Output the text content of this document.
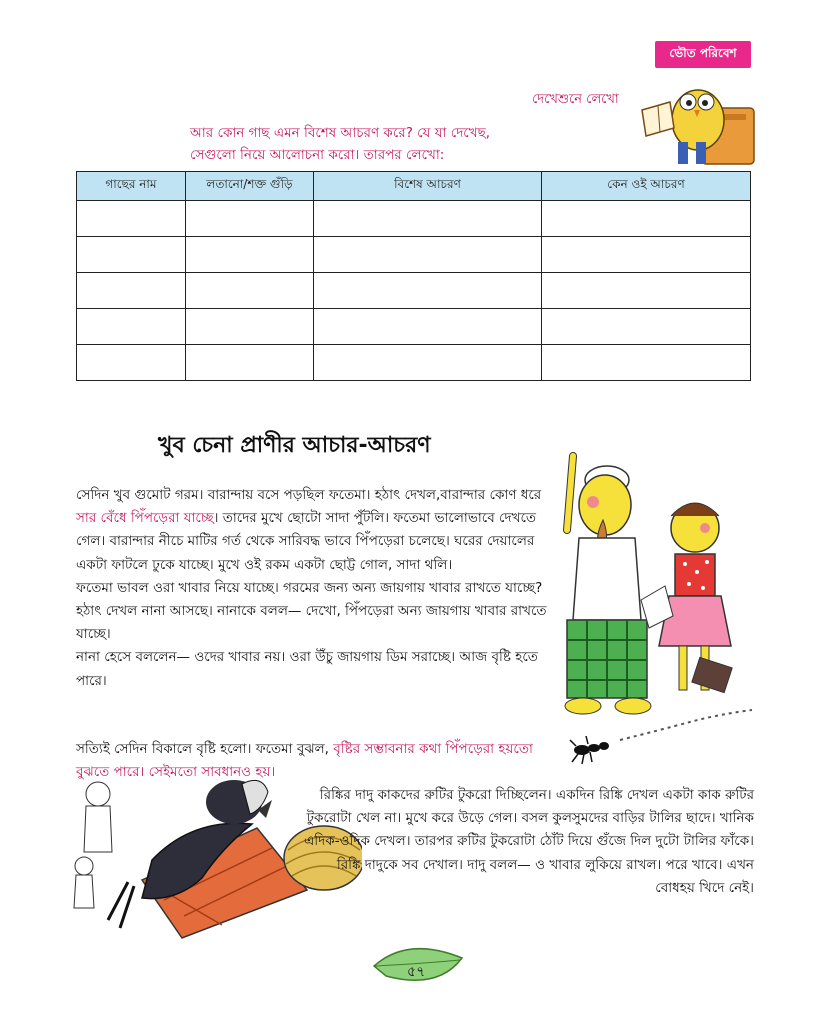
ভৌত পরিবেশ
দেখেশুনে লেখো
আর কোন গাছ এমন বিশেষ আচরণ করে? যে যা দেখেছ,
সেগুলো নিয়ে আলোচনা করো। তারপর লেখো:
গাছের নাম	লতানো/শক্ত গুঁড়ি	বিশেষ আচরণ	কেন ওই আচরণ

খুব চেনা প্রাণীর আচার-আচরণ

সেদিন খুব গুমোট গরম। বারান্দায় বসে পড়ছিল ফতেমা। হঠাৎ দেখল,বারান্দার কোণ ধরে সার বেঁধে পিঁপড়েরা যাচ্ছে। তাদের মুখে ছোটো সাদা পুঁটলি। ফতেমা ভালোভাবে দেখতে গেল। বারান্দার নীচে মাটির গর্ত থেকে সারিবদ্ধ ভাবে পিঁপড়েরা চলেছে। ঘরের দেয়ালের একটা ফাটলে ঢুকে যাচ্ছে। মুখে ওই রকম একটা ছোট্ট গোল, সাদা থলি।

ফতেমা ভাবল ওরা খাবার নিয়ে যাচ্ছে। গরমের জন্য অন্য জায়গায় খাবার রাখতে যাচ্ছে? হঠাৎ দেখল নানা আসছে। নানাকে বলল— দেখো, পিঁপড়েরা অন্য জায়গায় খাবার রাখতে যাচ্ছে।

নানা হেসে বললেন— ওদের খাবার নয়। ওরা উঁচু জায়গায় ডিম সরাচ্ছে। আজ বৃষ্টি হতে পারে।

সত্যিই সেদিন বিকালে বৃষ্টি হলো। ফতেমা বুঝল, বৃষ্টির সম্ভাবনার কথা পিঁপড়েরা হয়তো বুঝতে পারে। সেইমতো সাবধানও হয়।
রিঙ্কির দাদু কাকদের রুটির টুকরো দিচ্ছিলেন। একদিন রিঙ্কি দেখল একটা কাক রুটির টুকরোটা খেল না। মুখে করে উড়ে গেল। বসল কুলসুমদের বাড়ির টালির ছাদে। খানিক এদিক-ওদিক দেখল। তারপর রুটির টুকরোটা ঠোঁট দিয়ে গুঁজে দিল দুটো টালির ফাঁকে। রিঙ্কি দাদুকে সব দেখাল। দাদু বলল— ও খাবার লুকিয়ে রাখল। পরে খাবে। এখন বোধহয় খিদে নেই।
৫৭
